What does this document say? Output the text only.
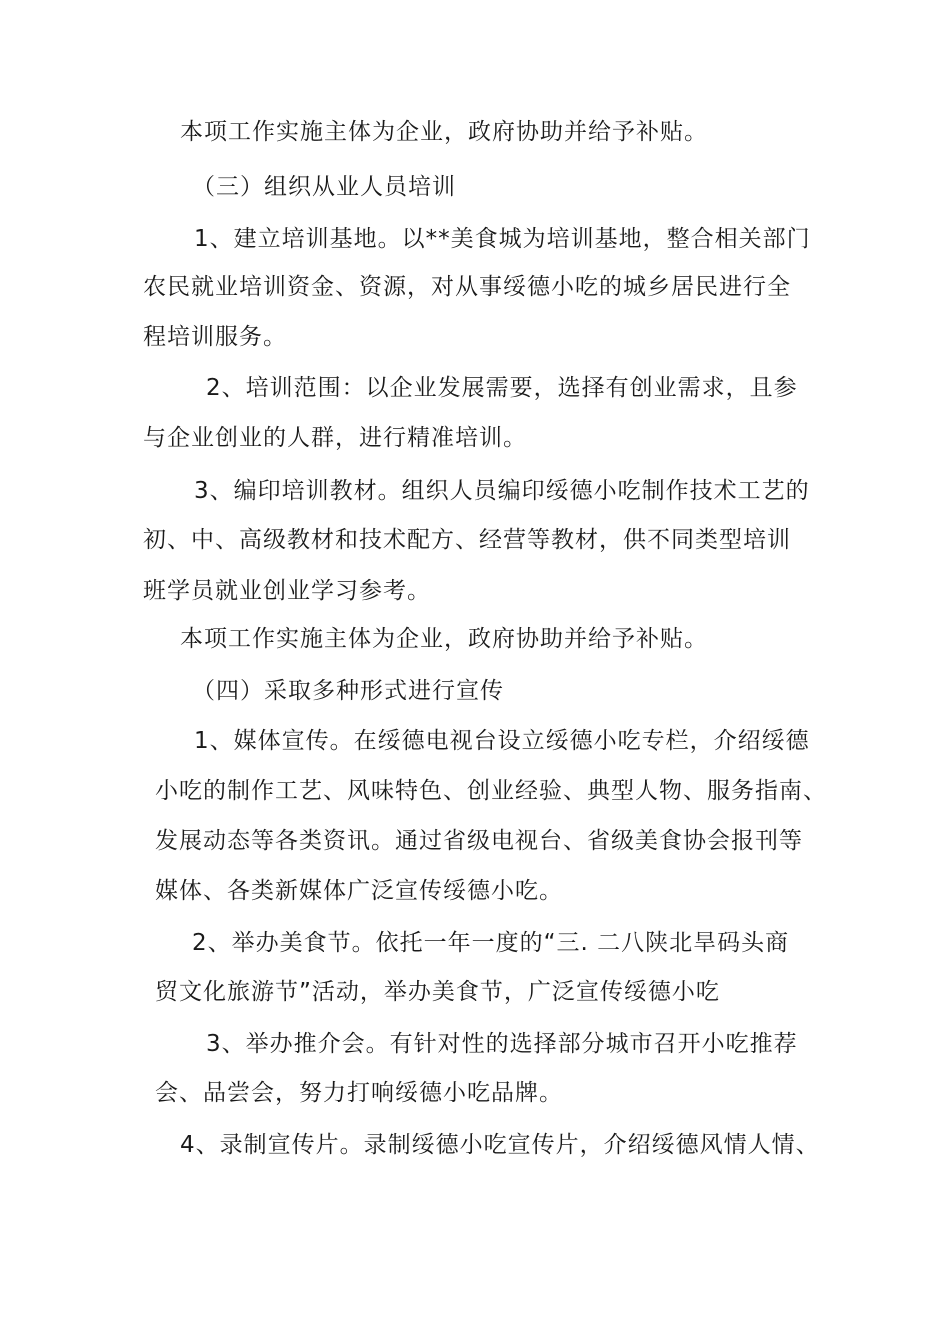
本项工作实施主体为企业，政府协助并给予补贴。
（三）组织从业人员培训
1、建立培训基地。以**美食城为培训基地，整合相关部门
农民就业培训资金、资源，对从事绥德小吃的城乡居民进行全
程培训服务。
2、培训范围：以企业发展需要，选择有创业需求，且参
与企业创业的人群，进行精准培训。
3、编印培训教材。组织人员编印绥德小吃制作技术工艺的
初、中、高级教材和技术配方、经营等教材，供不同类型培训
班学员就业创业学习参考。
本项工作实施主体为企业，政府协助并给予补贴。
（四）采取多种形式进行宣传
1、媒体宣传。在绥德电视台设立绥德小吃专栏，介绍绥德
小吃的制作工艺、风味特色、创业经验、典型人物、服务指南、
发展动态等各类资讯。通过省级电视台、省级美食协会报刊等
媒体、各类新媒体广泛宣传绥德小吃。
2、举办美食节。依托一年一度的“三. 二八陕北旱码头商
贸文化旅游节”活动，举办美食节，广泛宣传绥德小吃
3、举办推介会。有针对性的选择部分城市召开小吃推荐
会、品尝会，努力打响绥德小吃品牌。
4、录制宣传片。录制绥德小吃宣传片，介绍绥德风情人情、
